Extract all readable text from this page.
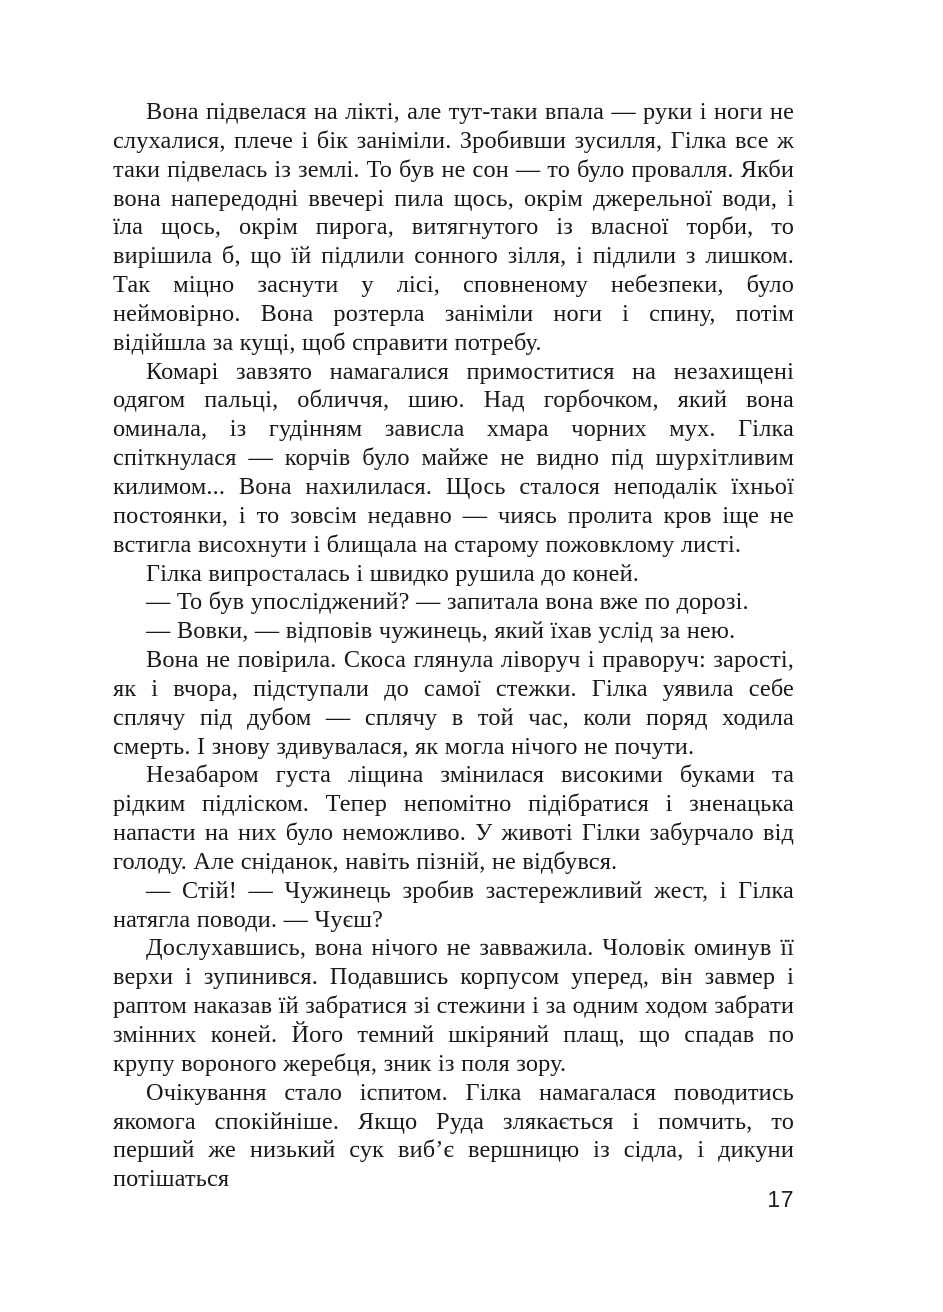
Вона підвелася на лікті, але тут-таки впала — руки і ноги не слухалися, плече і бік заніміли. Зробивши зусилля, Гілка все ж таки підвелась із землі. То був не сон — то було провалля. Якби вона напередодні ввечері пила щось, окрім джерельної води, і їла щось, окрім пирога, витягнутого із власної торби, то вирішила б, що їй підлили сонного зілля, і підлили з лишком. Так міцно заснути у лісі, сповненому небезпеки, було неймовірно. Вона розтерла заніміли ноги і спину, потім відійшла за кущі, щоб справити потребу.

Комарі завзято намагалися примоститися на незахищені одягом пальці, обличчя, шию. Над горбочком, який вона оминала, із гудінням зависла хмара чорних мух. Гілка спіткнулася — корчів було майже не видно під шурхітливим килимом... Вона нахилилася. Щось сталося неподалік їхньої постоянки, і то зовсім недавно — чиясь пролита кров іще не встигла висохнути і блищала на старому пожовклому листі.

Гілка випросталась і швидко рушила до коней.

— То був упосліджений? — запитала вона вже по дорозі.

— Вовки, — відповів чужинець, який їхав услід за нею.

Вона не повірила. Скоса глянула ліворуч і праворуч: зарості, як і вчора, підступали до самої стежки. Гілка уявила себе сплячу під дубом — сплячу в той час, коли поряд ходила смерть. І знову здивувалася, як могла нічого не почути.

Незабаром густа ліщина змінилася високими буками та рідким підліском. Тепер непомітно підібратися і зненацька напасти на них було неможливо. У животі Гілки забурчало від голоду. Але сніданок, навіть пізній, не відбувся.

— Стій! — Чужинець зробив застережливий жест, і Гілка натягла поводи. — Чуєш?

Дослухавшись, вона нічого не завважила. Чоловік оминув її верхи і зупинився. Подавшись корпусом уперед, він завмер і раптом наказав їй забратися зі стежини і за одним ходом забрати змінних коней. Його темний шкіряний плащ, що спадав по крупу вороного жеребця, зник із поля зору.

Очікування стало іспитом. Гілка намагалася поводитись якомога спокійніше. Якщо Руда злякається і помчить, то перший же низький сук виб’є вершницю із сідла, і дикуни потішаться

17
